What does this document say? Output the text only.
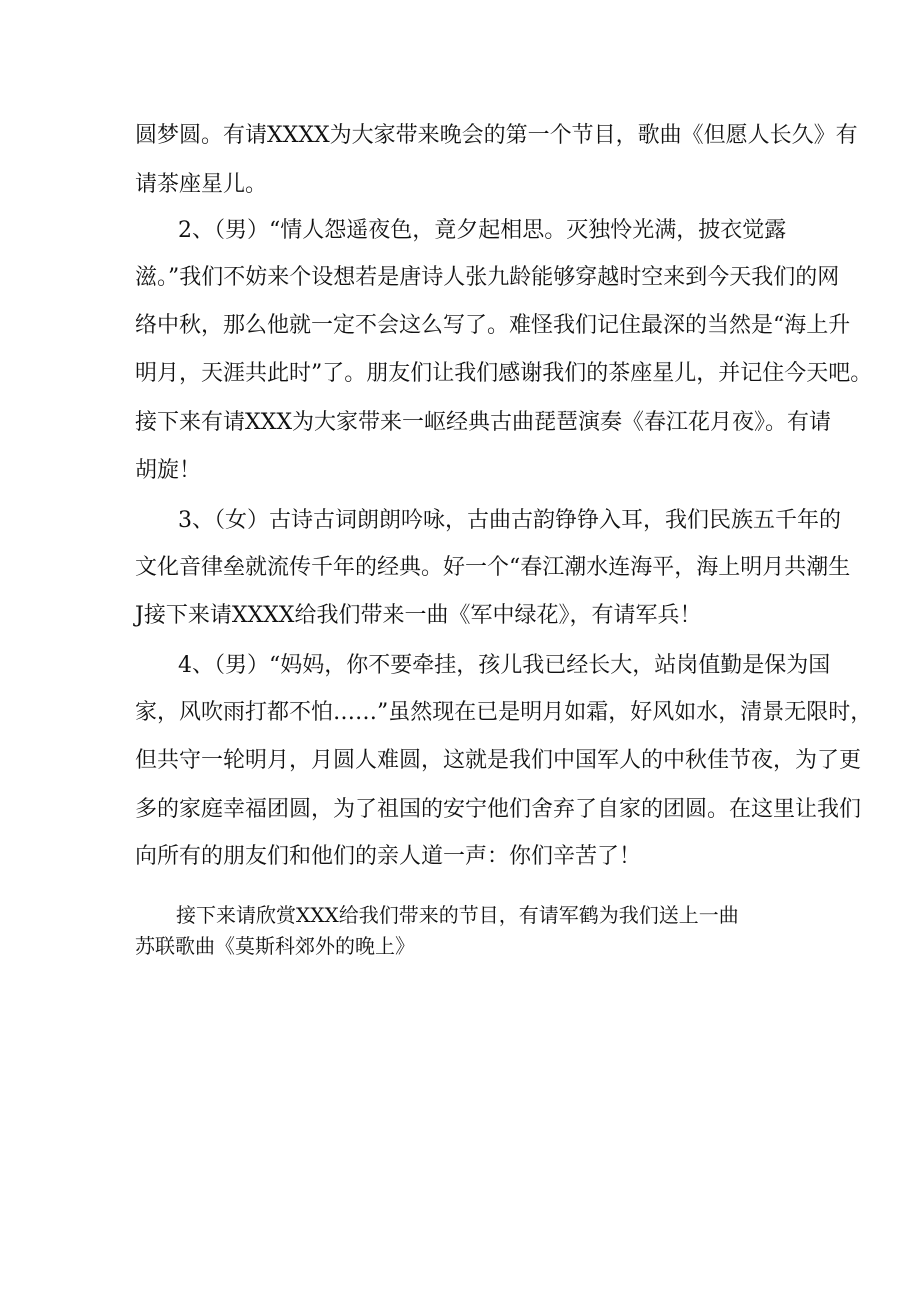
圆梦圆。有请XXXX为大家带来晚会的第一个节目，歌曲《但愿人长久》有
请茶座星儿。
2、（男）“情人怨遥夜色，竟夕起相思。灭独怜光满，披衣觉露
滋。”我们不妨来个设想若是唐诗人张九龄能够穿越时空来到今天我们的网
络中秋，那么他就一定不会这么写了。难怪我们记住最深的当然是“海上升
明月，天涯共此时”了。朋友们让我们感谢我们的茶座星儿，并记住今天吧。
接下来有请XXX为大家带来一岖经典古曲琵琶演奏《春江花月夜》。有请
胡旋！
3、（女）古诗古词朗朗吟咏，古曲古韵铮铮入耳，我们民族五千年的
文化音律垒就流传千年的经典。好一个“春江潮水连海平，海上明月共潮生
J接下来请XXXX给我们带来一曲《军中绿花》，有请军兵！
4、（男）“妈妈，你不要牵挂，孩儿我已经长大，站岗值勤是保为国
家，风吹雨打都不怕……”虽然现在已是明月如霜，好风如水，清景无限时，
但共守一轮明月，月圆人难圆，这就是我们中国军人的中秋佳节夜，为了更
多的家庭幸福团圆，为了祖国的安宁他们舍弃了自家的团圆。在这里让我们
向所有的朋友们和他们的亲人道一声：你们辛苦了！
接下来请欣赏XXX给我们带来的节目，有请军鹤为我们送上一曲
苏联歌曲《莫斯科郊外的晚上》
